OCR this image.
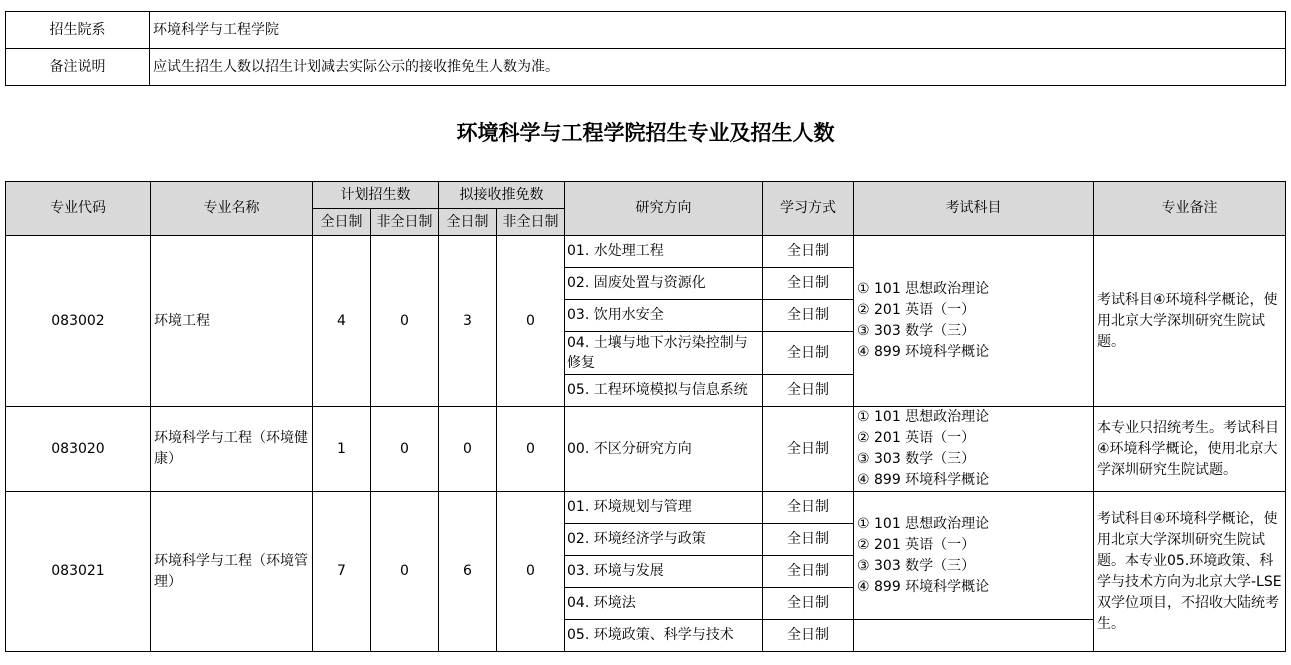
招生院系	环境科学与工程学院
备注说明	应试生招生人数以招生计划减去实际公示的接收推免生人数为准。
环境科学与工程学院招生专业及招生人数
专业代码	专业名称	计划招生数		拟接收推免数		研究方向	学习方式	考试科目	专业备注
		全日制	非全日制	全日制	非全日制				
083002	环境工程	4	0	3	0	01. 水处理工程	全日制	① 101 思想政治理论
② 201 英语（一）
③ 303 数学（三）
④ 899 环境科学概论	考试科目④环境科学概论，使用北京大学深圳研究生院试题。
						02. 固废处置与资源化	全日制		
						03. 饮用水安全	全日制		
						04. 土壤与地下水污染控制与修复	全日制		
						05. 工程环境模拟与信息系统	全日制		
083020	环境科学与工程（环境健康）	1	0	0	0	00. 不区分研究方向	全日制	① 101 思想政治理论
② 201 英语（一）
③ 303 数学（三）
④ 899 环境科学概论	本专业只招统考生。考试科目④环境科学概论，使用北京大学深圳研究生院试题。
083021	环境科学与工程（环境管理）	7	0	6	0	01. 环境规划与管理	全日制	① 101 思想政治理论
② 201 英语（一）
③ 303 数学（三）
④ 899 环境科学概论	考试科目④环境科学概论，使用北京大学深圳研究生院试题。本专业05.环境政策、科学与技术方向为北京大学-LSE双学位项目，不招收大陆统考生。
						02. 环境经济学与政策	全日制		
						03. 环境与发展	全日制		
						04. 环境法	全日制		
						05. 环境政策、科学与技术	全日制		
